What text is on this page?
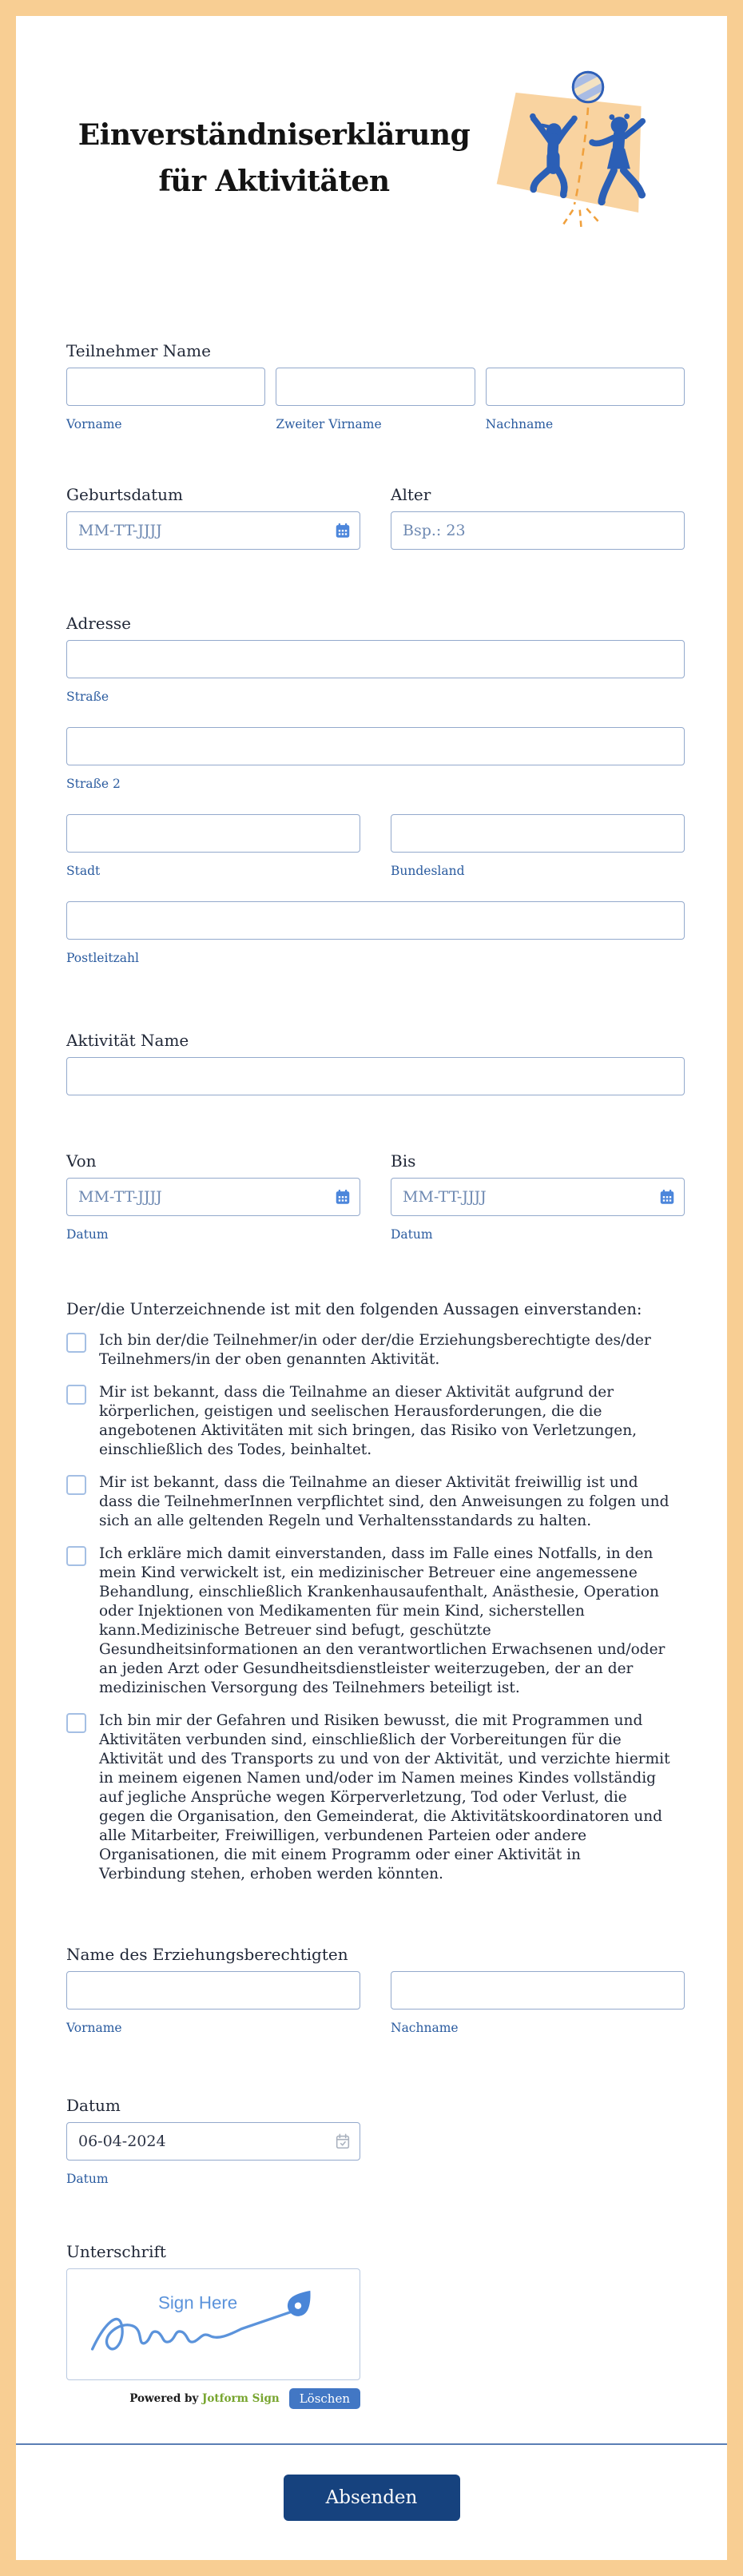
Einverständniserklärung
für Aktivitäten
Teilnehmer Name
Vorname	Zweiter Virname	Nachname
Geburtsdatum
MM-TT-JJJJ	Alter
Bsp.: 23
Adresse
Straße
Straße 2
Stadt	Bundesland
Postleitzahl
Aktivität Name
Von
MM-TT-JJJJ
Datum
Bis
MM-TT-JJJJ
Datum
Der/die Unterzeichnende ist mit den folgenden Aussagen einverstanden:
Ich bin der/die Teilnehmer/in oder der/die Erziehungsberechtigte des/der Teilnehmers/in der oben genannten Aktivität.
Mir ist bekannt, dass die Teilnahme an dieser Aktivität aufgrund der körperlichen, geistigen und seelischen Herausforderungen, die die angebotenen Aktivitäten mit sich bringen, das Risiko von Verletzungen, einschließlich des Todes, beinhaltet.
Mir ist bekannt, dass die Teilnahme an dieser Aktivität freiwillig ist und dass die TeilnehmerInnen verpflichtet sind, den Anweisungen zu folgen und sich an alle geltenden Regeln und Verhaltensstandards zu halten.
Ich erkläre mich damit einverstanden, dass im Falle eines Notfalls, in den mein Kind verwickelt ist, ein medizinischer Betreuer eine angemessene Behandlung, einschließlich Krankenhausaufenthalt, Anästhesie, Operation oder Injektionen von Medikamenten für mein Kind, sicherstellen kann.Medizinische Betreuer sind befugt, geschützte Gesundheitsinformationen an den verantwortlichen Erwachsenen und/oder an jeden Arzt oder Gesundheitsdienstleister weiterzugeben, der an der medizinischen Versorgung des Teilnehmers beteiligt ist.
Ich bin mir der Gefahren und Risiken bewusst, die mit Programmen und Aktivitäten verbunden sind, einschließlich der Vorbereitungen für die Aktivität und des Transports zu und von der Aktivität, und verzichte hiermit in meinem eigenen Namen und/oder im Namen meines Kindes vollständig auf jegliche Ansprüche wegen Körperverletzung, Tod oder Verlust, die gegen die Organisation, den Gemeinderat, die Aktivitätskoordinatoren und alle Mitarbeiter, Freiwilligen, verbundenen Parteien oder andere Organisationen, die mit einem Programm oder einer Aktivität in Verbindung stehen, erhoben werden könnten.
Name des Erziehungsberechtigten
Vorname	Nachname
Datum
06-04-2024
Datum
Unterschrift
Sign Here
Powered by Jotform Sign	Löschen
Absenden
